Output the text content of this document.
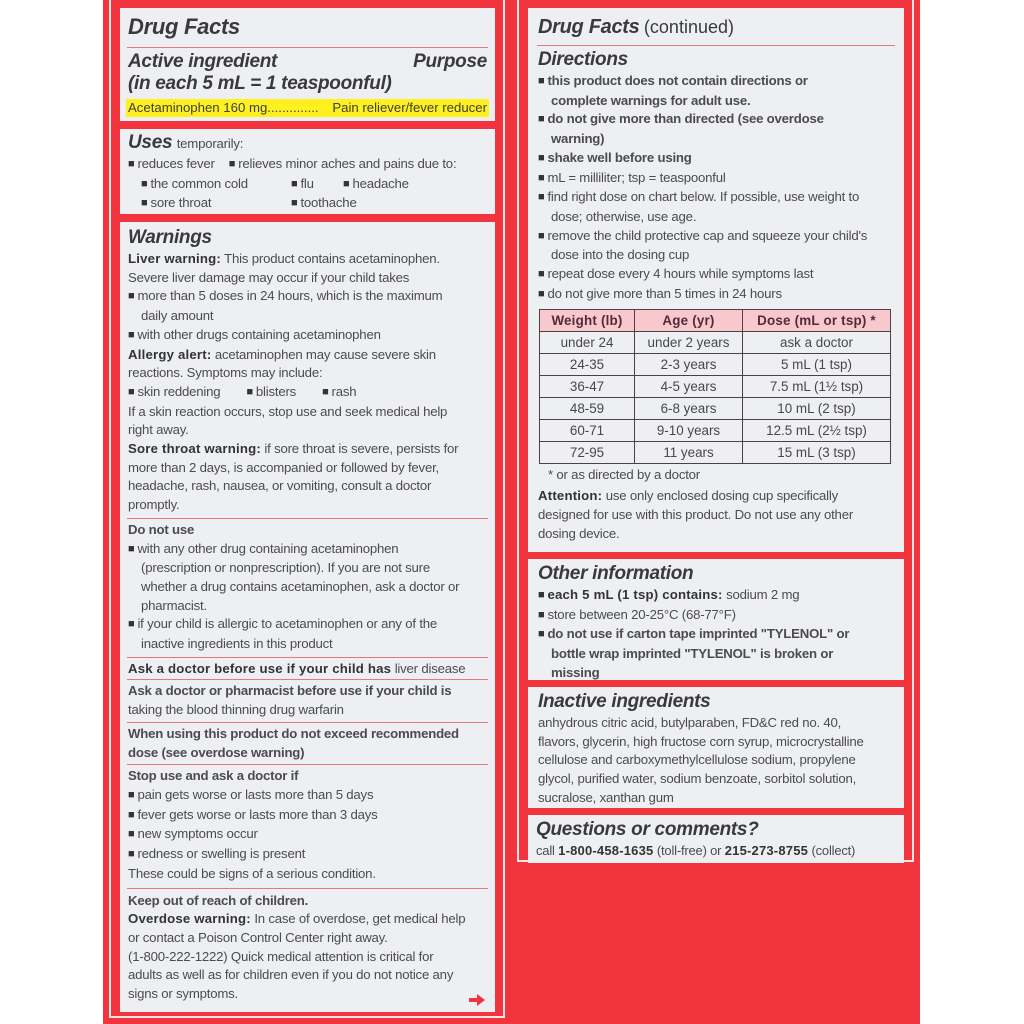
Drug Facts
Active ingredient	Purpose
(in each 5 mL = 1 teaspoonful)
Acetaminophen 160 mg.............. Pain reliever/fever reducer
Uses temporarily:
■ reduces fever	■ relieves minor aches and pains due to:
■ the common cold	■ flu	■ headache
■ sore throat	■ toothache
Warnings
Liver warning: This product contains acetaminophen.
Severe liver damage may occur if your child takes
■ more than 5 doses in 24 hours, which is the maximum
daily amount
■ with other drugs containing acetaminophen
Allergy alert: acetaminophen may cause severe skin
reactions. Symptoms may include:
■ skin reddening	■ blisters	■ rash
If a skin reaction occurs, stop use and seek medical help
right away.
Sore throat warning: if sore throat is severe, persists for
more than 2 days, is accompanied or followed by fever,
headache, rash, nausea, or vomiting, consult a doctor
promptly.
Do not use
■ with any other drug containing acetaminophen
(prescription or nonprescription). If you are not sure
whether a drug contains acetaminophen, ask a doctor or
pharmacist.
■ if your child is allergic to acetaminophen or any of the
inactive ingredients in this product
Ask a doctor before use if your child has liver disease
Ask a doctor or pharmacist before use if your child is
taking the blood thinning drug warfarin
When using this product do not exceed recommended
dose (see overdose warning)
Stop use and ask a doctor if
■ pain gets worse or lasts more than 5 days
■ fever gets worse or lasts more than 3 days
■ new symptoms occur
■ redness or swelling is present
These could be signs of a serious condition.
Keep out of reach of children.
Overdose warning: In case of overdose, get medical help
or contact a Poison Control Center right away.
(1-800-222-1222) Quick medical attention is critical for
adults as well as for children even if you do not notice any
signs or symptoms.
Drug Facts (continued)
Directions
■ this product does not contain directions or
complete warnings for adult use.
■ do not give more than directed (see overdose
warning)
■ shake well before using
■ mL = milliliter; tsp = teaspoonful
■ find right dose on chart below. If possible, use weight to
dose; otherwise, use age.
■ remove the child protective cap and squeeze your child's
dose into the dosing cup
■ repeat dose every 4 hours while symptoms last
■ do not give more than 5 times in 24 hours
Weight (lb)	Age (yr)	Dose (mL or tsp) *
under 24	under 2 years	ask a doctor
24-35	2-3 years	5 mL (1 tsp)
36-47	4-5 years	7.5 mL (1½ tsp)
48-59	6-8 years	10 mL (2 tsp)
60-71	9-10 years	12.5 mL (2½ tsp)
72-95	11 years	15 mL (3 tsp)
* or as directed by a doctor
Attention: use only enclosed dosing cup specifically
designed for use with this product. Do not use any other
dosing device.
Other information
■ each 5 mL (1 tsp) contains: sodium 2 mg
■ store between 20-25°C (68-77°F)
■ do not use if carton tape imprinted "TYLENOL" or
bottle wrap imprinted "TYLENOL" is broken or
missing
Inactive ingredients
anhydrous citric acid, butylparaben, FD&C red no. 40,
flavors, glycerin, high fructose corn syrup, microcrystalline
cellulose and carboxymethylcellulose sodium, propylene
glycol, purified water, sodium benzoate, sorbitol solution,
sucralose, xanthan gum
Questions or comments?
call 1-800-458-1635 (toll-free) or 215-273-8755 (collect)
